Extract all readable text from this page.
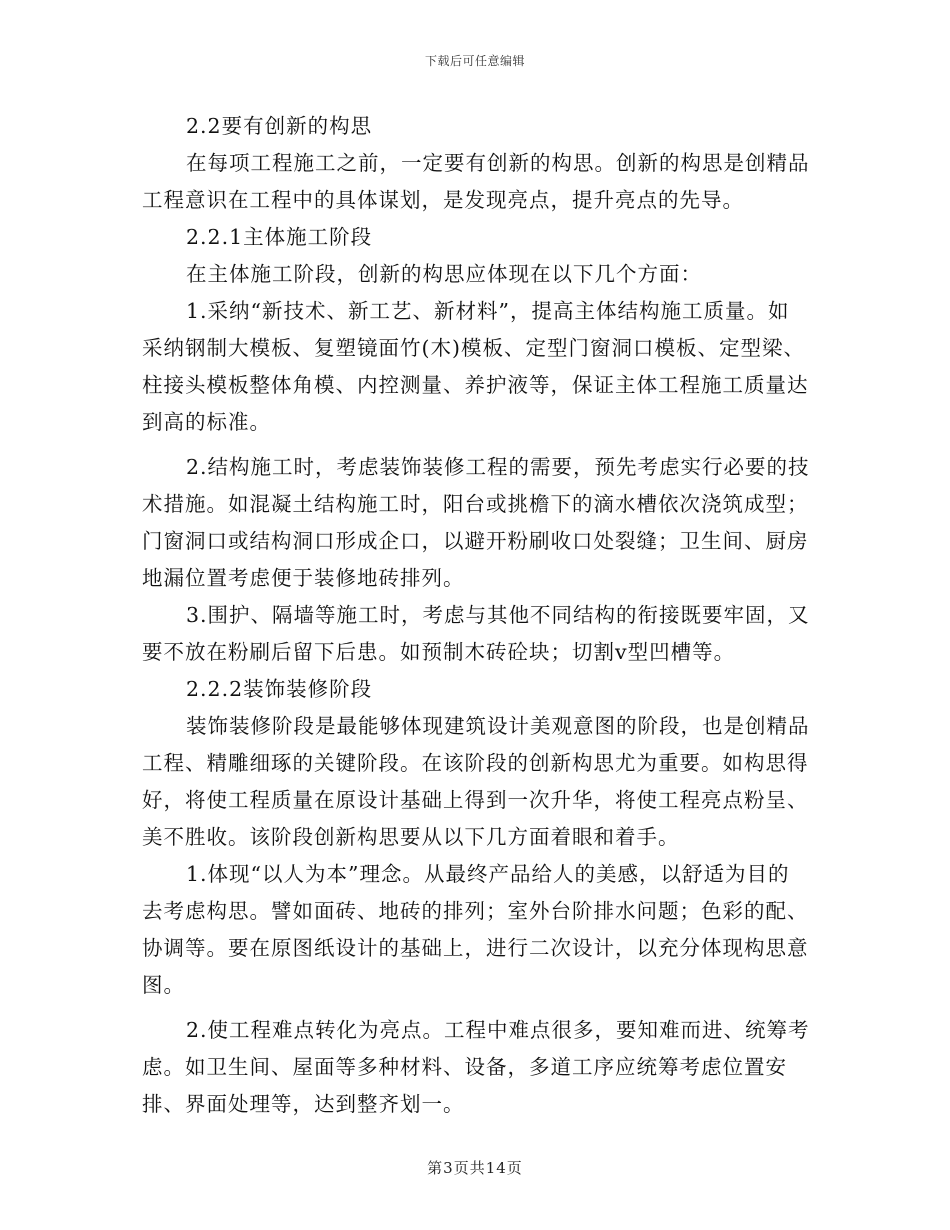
下载后可任意编辑

2.2要有创新的构思

在每项工程施工之前，一定要有创新的构思。创新的构思是创精品工程意识在工程中的具体谋划，是发现亮点，提升亮点的先导。

2.2.1主体施工阶段

在主体施工阶段，创新的构思应体现在以下几个方面：

1.采纳“新技术、新工艺、新材料”，提高主体结构施工质量。如采纳钢制大模板、复塑镜面竹(木)模板、定型门窗洞口模板、定型梁、柱接头模板整体角模、内控测量、养护液等，保证主体工程施工质量达到高的标准。

2.结构施工时，考虑装饰装修工程的需要，预先考虑实行必要的技术措施。如混凝土结构施工时，阳台或挑檐下的滴水槽依次浇筑成型；门窗洞口或结构洞口形成企口，以避开粉刷收口处裂缝；卫生间、厨房地漏位置考虑便于装修地砖排列。

3.围护、隔墙等施工时，考虑与其他不同结构的衔接既要牢固，又要不放在粉刷后留下后患。如预制木砖砼块；切割v型凹槽等。

2.2.2装饰装修阶段

装饰装修阶段是最能够体现建筑设计美观意图的阶段，也是创精品工程、精雕细琢的关键阶段。在该阶段的创新构思尤为重要。如构思得好，将使工程质量在原设计基础上得到一次升华，将使工程亮点粉呈、美不胜收。该阶段创新构思要从以下几方面着眼和着手。

1.体现“以人为本”理念。从最终产品给人的美感，以舒适为目的去考虑构思。譬如面砖、地砖的排列；室外台阶排水问题；色彩的配、协调等。要在原图纸设计的基础上，进行二次设计，以充分体现构思意图。

2.使工程难点转化为亮点。工程中难点很多，要知难而进、统筹考虑。如卫生间、屋面等多种材料、设备，多道工序应统筹考虑位置安排、界面处理等，达到整齐划一。

第3页共14页
